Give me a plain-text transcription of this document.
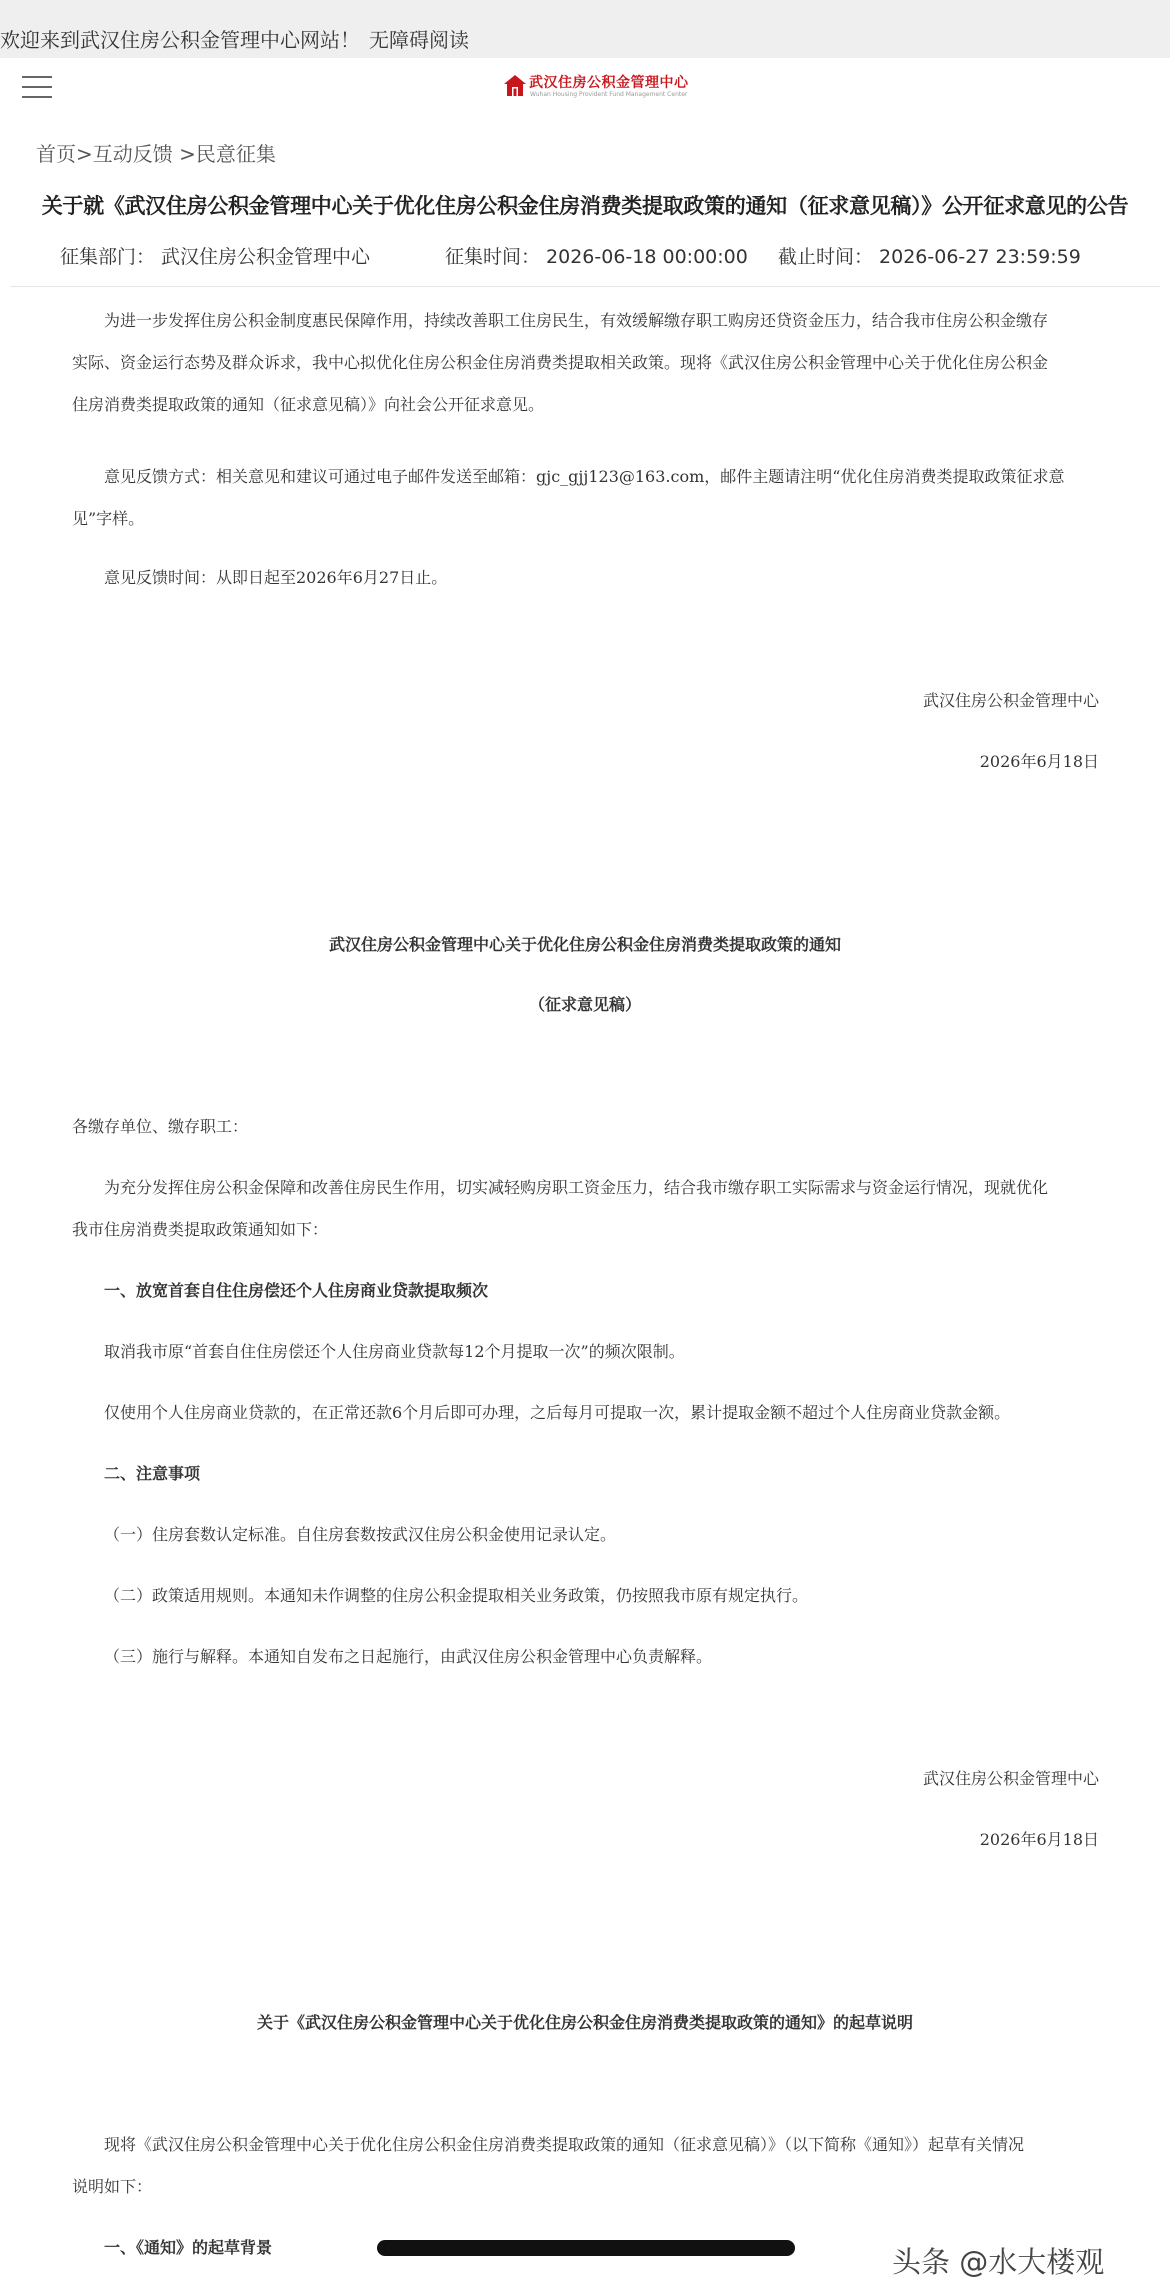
欢迎来到武汉住房公积金管理中心网站！ 无障碍阅读
武汉住房公积金管理中心
Wuhan Housing Provident Fund Management Center
首页>互动反馈 >民意征集
关于就《武汉住房公积金管理中心关于优化住房公积金住房消费类提取政策的通知（征求意见稿）》公开征求意见的公告
征集部门： 武汉住房公积金管理中心	征集时间： 2026-06-18 00:00:00 截止时间： 2026-06-27 23:59:59
为进一步发挥住房公积金制度惠民保障作用，持续改善职工住房民生，有效缓解缴存职工购房还贷资金压力，结合我市住房公积金缴存
实际、资金运行态势及群众诉求，我中心拟优化住房公积金住房消费类提取相关政策。现将《武汉住房公积金管理中心关于优化住房公积金
住房消费类提取政策的通知（征求意见稿）》向社会公开征求意见。
意见反馈方式：相关意见和建议可通过电子邮件发送至邮箱：gjc_gjj123@163.com，邮件主题请注明“优化住房消费类提取政策征求意
见”字样。
意见反馈时间：从即日起至2026年6月27日止。
武汉住房公积金管理中心
2026年6月18日
武汉住房公积金管理中心关于优化住房公积金住房消费类提取政策的通知
（征求意见稿）
各缴存单位、缴存职工：
为充分发挥住房公积金保障和改善住房民生作用，切实减轻购房职工资金压力，结合我市缴存职工实际需求与资金运行情况，现就优化
我市住房消费类提取政策通知如下：
一、放宽首套自住住房偿还个人住房商业贷款提取频次
取消我市原“首套自住住房偿还个人住房商业贷款每12个月提取一次”的频次限制。
仅使用个人住房商业贷款的，在正常还款6个月后即可办理，之后每月可提取一次，累计提取金额不超过个人住房商业贷款金额。
二、注意事项
（一）住房套数认定标准。自住房套数按武汉住房公积金使用记录认定。
（二）政策适用规则。本通知未作调整的住房公积金提取相关业务政策，仍按照我市原有规定执行。
（三）施行与解释。本通知自发布之日起施行，由武汉住房公积金管理中心负责解释。
武汉住房公积金管理中心
2026年6月18日
关于《武汉住房公积金管理中心关于优化住房公积金住房消费类提取政策的通知》的起草说明
现将《武汉住房公积金管理中心关于优化住房公积金住房消费类提取政策的通知（征求意见稿）》（以下简称《通知》）起草有关情况
说明如下：
一、《通知》的起草背景	头条 @水大楼观
